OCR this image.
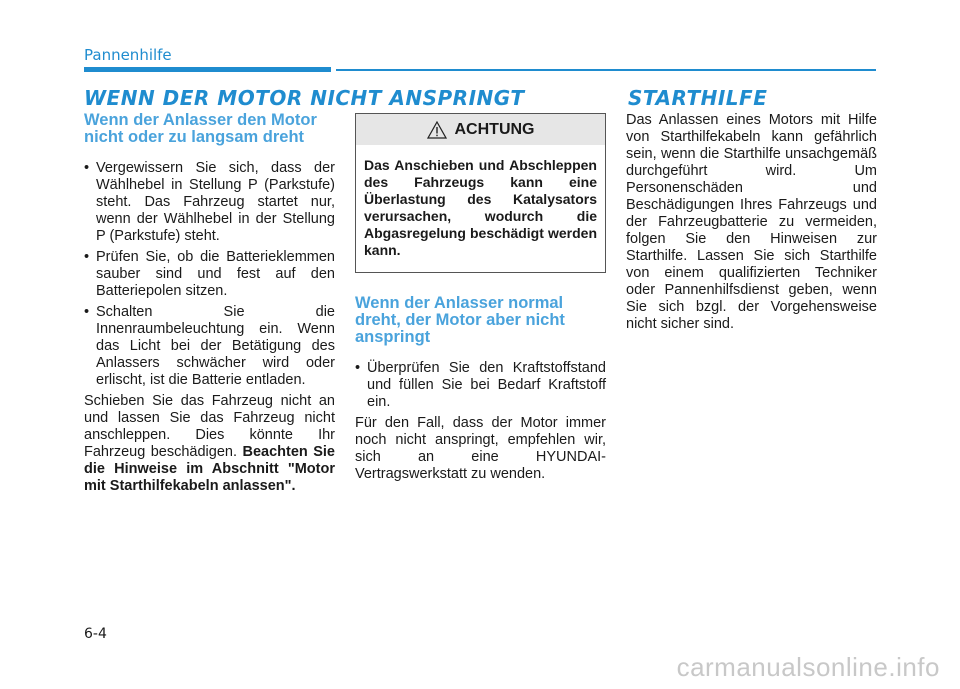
Pannenhilfe
WENN DER MOTOR NICHT ANSPRINGT	STARTHILFE
Wenn der Anlasser den Motor nicht oder zu langsam dreht
• Vergewissern Sie sich, dass der Wählhebel in Stellung P (Parkstufe) steht. Das Fahrzeug startet nur, wenn der Wählhebel in der Stellung P (Parkstufe) steht.
• Prüfen Sie, ob die Batterieklemmen sauber sind und fest auf den Batteriepolen sitzen.
• Schalten Sie die Innenraumbeleuchtung ein. Wenn das Licht bei der Betätigung des Anlassers schwächer wird oder erlischt, ist die Batterie entladen.

Schieben Sie das Fahrzeug nicht an und lassen Sie das Fahrzeug nicht anschleppen. Dies könnte Ihr Fahrzeug beschädigen. Beachten Sie die Hinweise im Abschnitt "Motor mit Starthilfekabeln anlassen".

ACHTUNG
Das Anschieben und Abschleppen des Fahrzeugs kann eine Überlastung des Katalysators verursachen, wodurch die Abgasregelung beschädigt werden kann.
Wenn der Anlasser normal dreht, der Motor aber nicht anspringt
• Überprüfen Sie den Kraftstoffstand und füllen Sie bei Bedarf Kraftstoff ein.

Für den Fall, dass der Motor immer noch nicht anspringt, empfehlen wir, sich an eine HYUNDAI-Vertragswerkstatt zu wenden.

Das Anlassen eines Motors mit Hilfe von Starthilfekabeln kann gefährlich sein, wenn die Starthilfe unsachgemäß durchgeführt wird. Um Personenschäden und Beschädigungen Ihres Fahrzeugs und der Fahrzeugbatterie zu vermeiden, folgen Sie den Hinweisen zur Starthilfe. Lassen Sie sich Starthilfe von einem qualifizierten Techniker oder Pannenhilfsdienst geben, wenn Sie sich bzgl. der Vorgehensweise nicht sicher sind.

6-4
carmanualsonline.info
